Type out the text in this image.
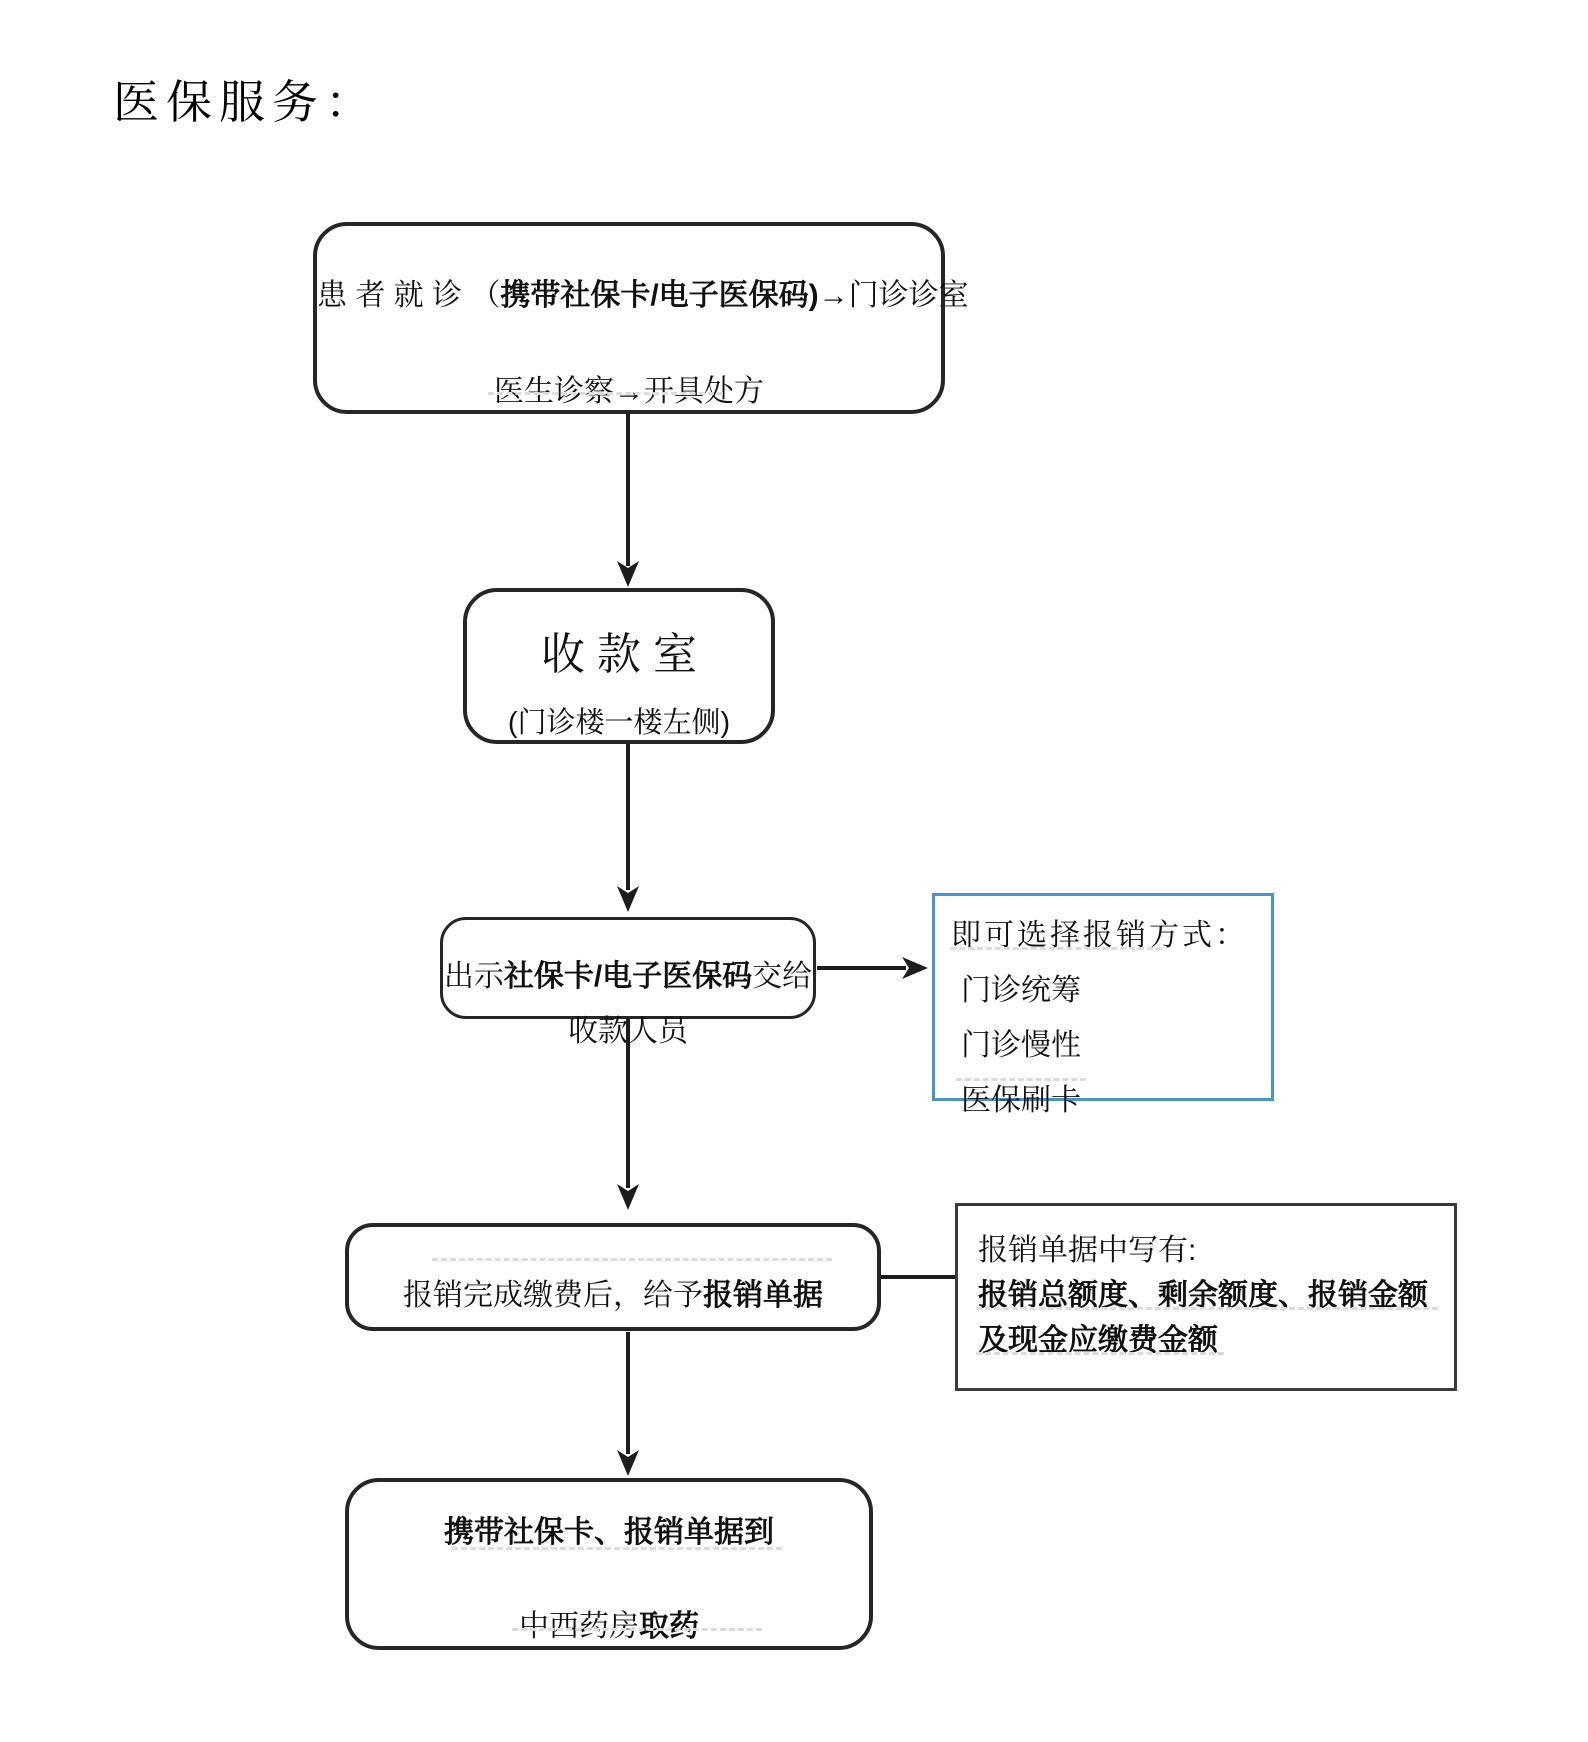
医保服务：
患 者 就 诊 （携带社保卡/电子医保码)→门诊诊室
医生诊察→开具处方
收款室
(门诊楼一楼左侧)
出示社保卡/电子医保码交给
收款人员
即可选择报销方式：
门诊统筹
门诊慢性
医保刷卡
报销完成缴费后，给予报销单据
报销单据中写有:
报销总额度、剩余额度、报销金额
及现金应缴费金额
携带社保卡、报销单据到
中西药房取药
